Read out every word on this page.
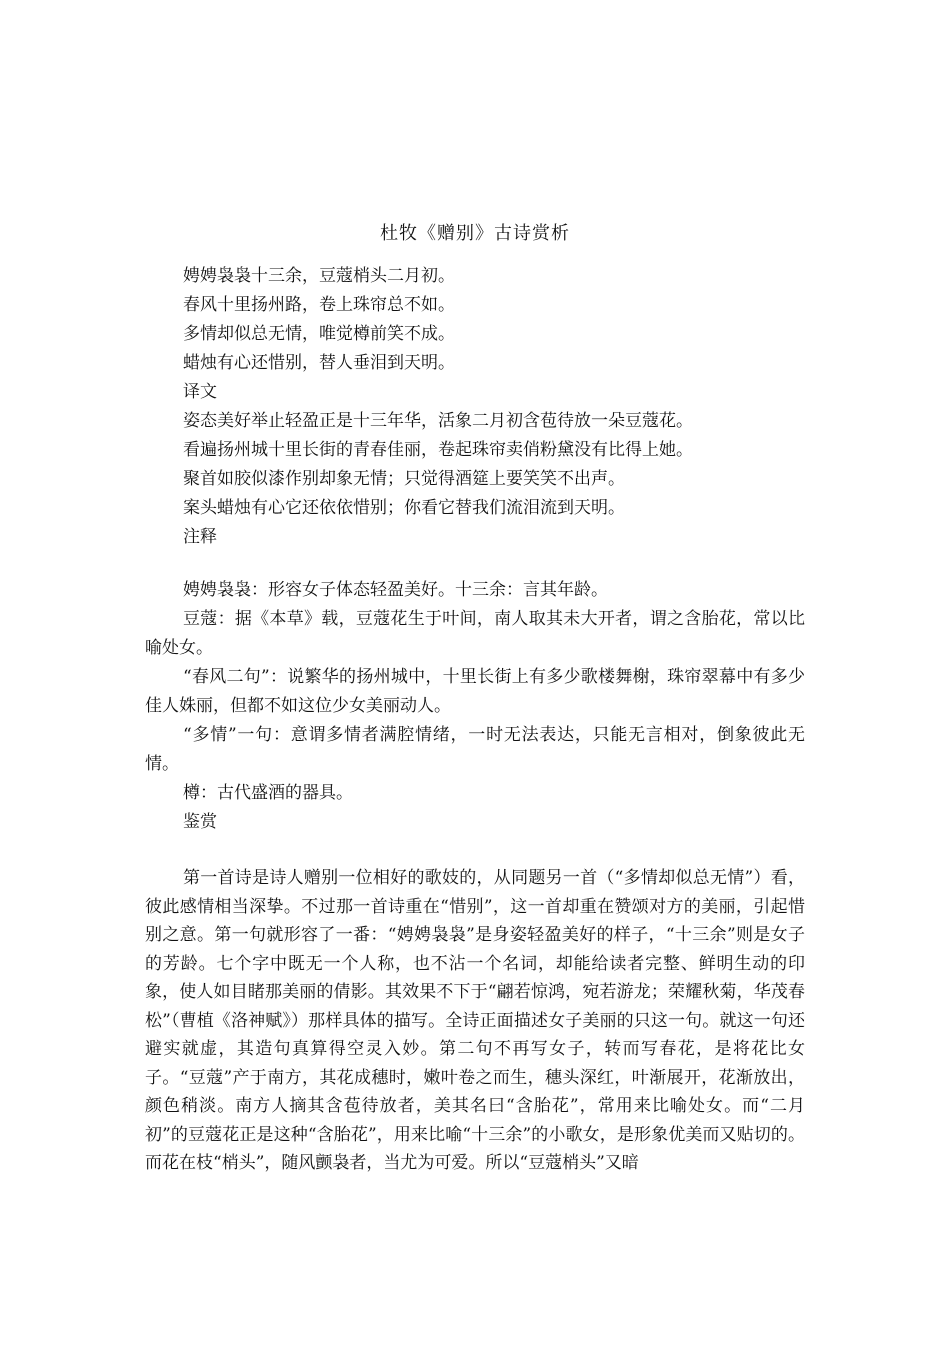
杜牧《赠别》古诗赏析
娉娉袅袅十三余，豆蔻梢头二月初。
春风十里扬州路，卷上珠帘总不如。
多情却似总无情，唯觉樽前笑不成。
蜡烛有心还惜别，替人垂泪到天明。
译文
姿态美好举止轻盈正是十三年华，活象二月初含苞待放一朵豆蔻花。
看遍扬州城十里长街的青春佳丽，卷起珠帘卖俏粉黛没有比得上她。
聚首如胶似漆作别却象无情；只觉得酒筵上要笑笑不出声。
案头蜡烛有心它还依依惜别；你看它替我们流泪流到天明。
注释

娉娉袅袅：形容女子体态轻盈美好。十三余：言其年龄。

豆蔻：据《本草》载，豆蔻花生于叶间，南人取其未大开者，谓之含胎花，常以比喻处女。

“春风二句”：说繁华的扬州城中，十里长街上有多少歌楼舞榭，珠帘翠幕中有多少佳人姝丽，但都不如这位少女美丽动人。

“多情”一句：意谓多情者满腔情绪，一时无法表达，只能无言相对，倒象彼此无情。

樽：古代盛酒的器具。

鉴赏

第一首诗是诗人赠别一位相好的歌妓的，从同题另一首（“多情却似总无情”）看，彼此感情相当深挚。不过那一首诗重在“惜别”，这一首却重在赞颂对方的美丽，引起惜别之意。第一句就形容了一番：“娉娉袅袅”是身姿轻盈美好的样子，“十三余”则是女子的芳龄。七个字中既无一个人称，也不沾一个名词，却能给读者完整、鲜明生动的印象，使人如目睹那美丽的倩影。其效果不下于“翩若惊鸿，宛若游龙；荣耀秋菊，华茂春松”（曹植《洛神赋》）那样具体的描写。全诗正面描述女子美丽的只这一句。就这一句还避实就虚，其造句真算得空灵入妙。第二句不再写女子，转而写春花，是将花比女子。“豆蔻”产于南方，其花成穗时，嫩叶卷之而生，穗头深红，叶渐展开，花渐放出，颜色稍淡。南方人摘其含苞待放者，美其名曰“含胎花”，常用来比喻处女。而“二月初”的豆蔻花正是这种“含胎花”，用来比喻“十三余”的小歌女，是形象优美而又贴切的。而花在枝“梢头”，随风颤袅者，当尤为可爱。所以“豆蔻梢头”又暗
